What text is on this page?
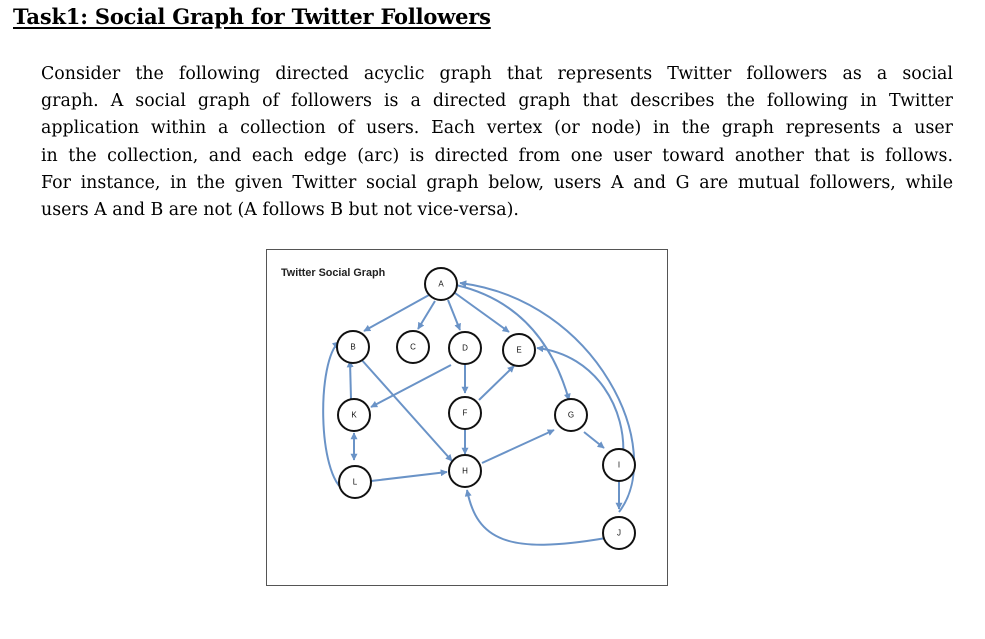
Task1: Social Graph for Twitter Followers
Consider the following directed acyclic graph that represents Twitter followers as a social
graph. A social graph of followers is a directed graph that describes the following in Twitter
application within a collection of users. Each vertex (or node) in the graph represents a user
in the collection, and each edge (arc) is directed from one user toward another that is follows.
For instance, in the given Twitter social graph below, users A and G are mutual followers, while
users A and B are not (A follows B but not vice-versa).
Twitter Social Graph
A
B	C	D	E
F	G
K
H
I
L
J
